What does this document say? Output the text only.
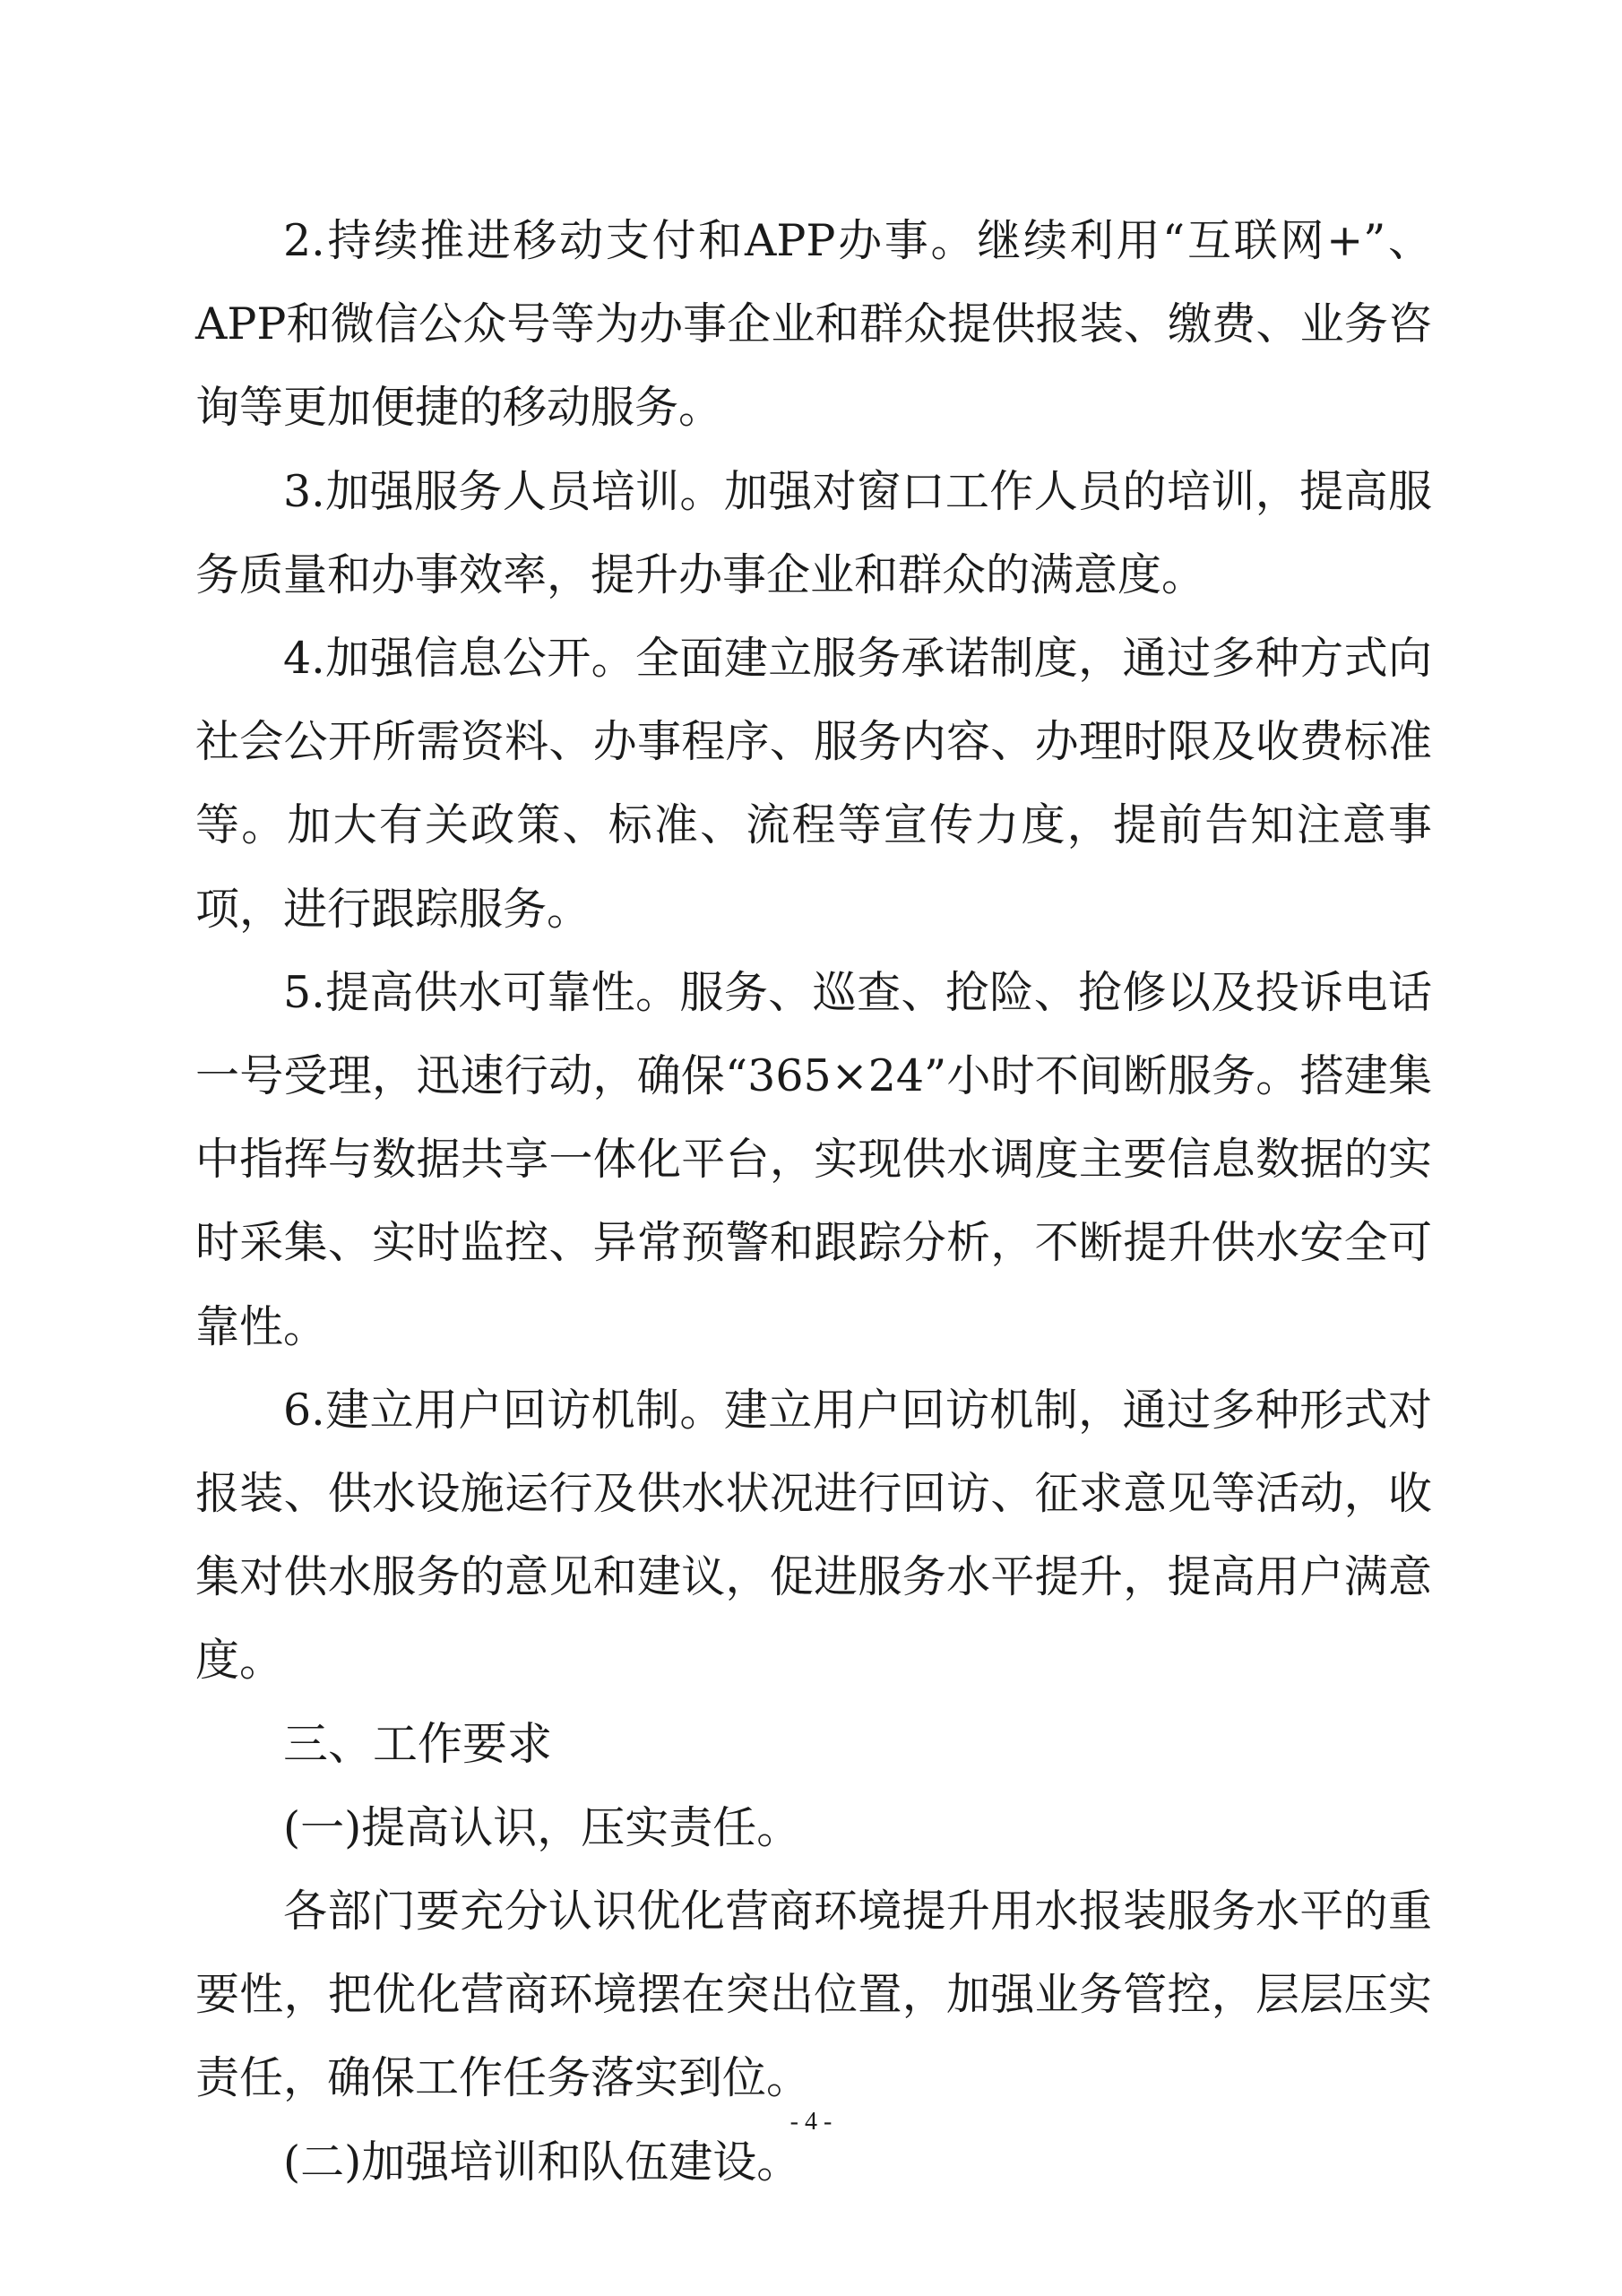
2.持续推进移动支付和APP办事。继续利用“互联网+”、APP和微信公众号等为办事企业和群众提供报装、缴费、业务咨询等更加便捷的移动服务。

3.加强服务人员培训。加强对窗口工作人员的培训，提高服务质量和办事效率，提升办事企业和群众的满意度。

4.加强信息公开。全面建立服务承诺制度，通过多种方式向社会公开所需资料、办事程序、服务内容、办理时限及收费标准等。加大有关政策、标准、流程等宣传力度，提前告知注意事项，进行跟踪服务。

5.提高供水可靠性。服务、巡查、抢险、抢修以及投诉电话一号受理，迅速行动，确保“365×24”小时不间断服务。搭建集中指挥与数据共享一体化平台，实现供水调度主要信息数据的实时采集、实时监控、异常预警和跟踪分析，不断提升供水安全可靠性。

6.建立用户回访机制。建立用户回访机制，通过多种形式对报装、供水设施运行及供水状况进行回访、征求意见等活动，收集对供水服务的意见和建议，促进服务水平提升，提高用户满意度。

三、工作要求

(一)提高认识，压实责任。

各部门要充分认识优化营商环境提升用水报装服务水平的重要性，把优化营商环境摆在突出位置，加强业务管控，层层压实责任，确保工作任务落实到位。

(二)加强培训和队伍建设。

- 4 -
